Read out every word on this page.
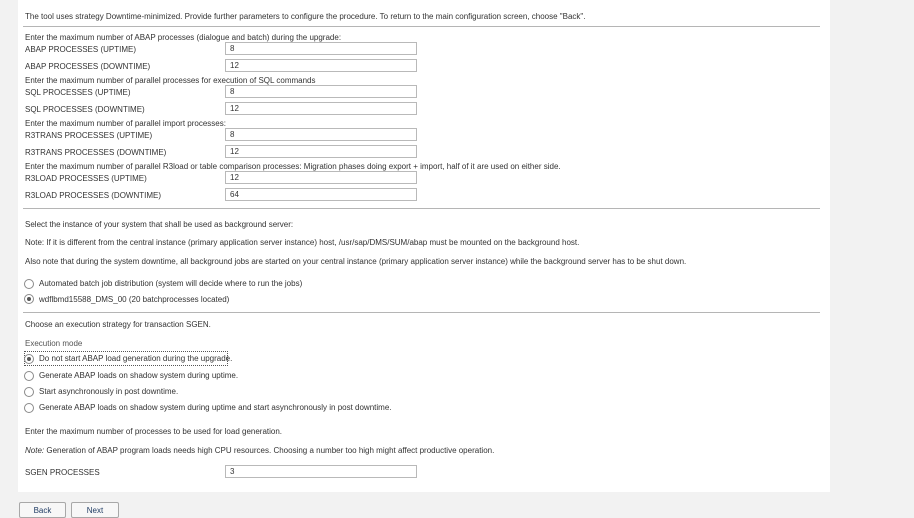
The tool uses strategy Downtime-minimized. Provide further parameters to configure the procedure. To return to the main configuration screen, choose "Back".
Enter the maximum number of ABAP processes (dialogue and batch) during the upgrade:
ABAP PROCESSES (UPTIME)
8
ABAP PROCESSES (DOWNTIME)
12
Enter the maximum number of parallel processes for execution of SQL commands
SQL PROCESSES (UPTIME)
8
SQL PROCESSES (DOWNTIME)
12
Enter the maximum number of parallel import processes:
R3TRANS PROCESSES (UPTIME)
8
R3TRANS PROCESSES (DOWNTIME)
12
Enter the maximum number of parallel R3load or table comparison processes: Migration phases doing export + import, half of it are used on either side.
R3LOAD PROCESSES (UPTIME)
12
R3LOAD PROCESSES (DOWNTIME)
64
Select the instance of your system that shall be used as background server:
Note: If it is different from the central instance (primary application server instance) host, /usr/sap/DMS/SUM/abap must be mounted on the background host.
Also note that during the system downtime, all background jobs are started on your central instance (primary application server instance) while the background server has to be shut down.
Automated batch job distribution (system will decide where to run the jobs)
wdflbmd15588_DMS_00 (20 batchprocesses located)
Choose an execution strategy for transaction SGEN.
Execution mode
Do not start ABAP load generation during the upgrade.
Generate ABAP loads on shadow system during uptime.
Start asynchronously in post downtime.
Generate ABAP loads on shadow system during uptime and start asynchronously in post downtime.
Enter the maximum number of processes to be used for load generation.
Note: Generation of ABAP program loads needs high CPU resources. Choosing a number too high might affect productive operation.
SGEN PROCESSES
3
Back	Next
